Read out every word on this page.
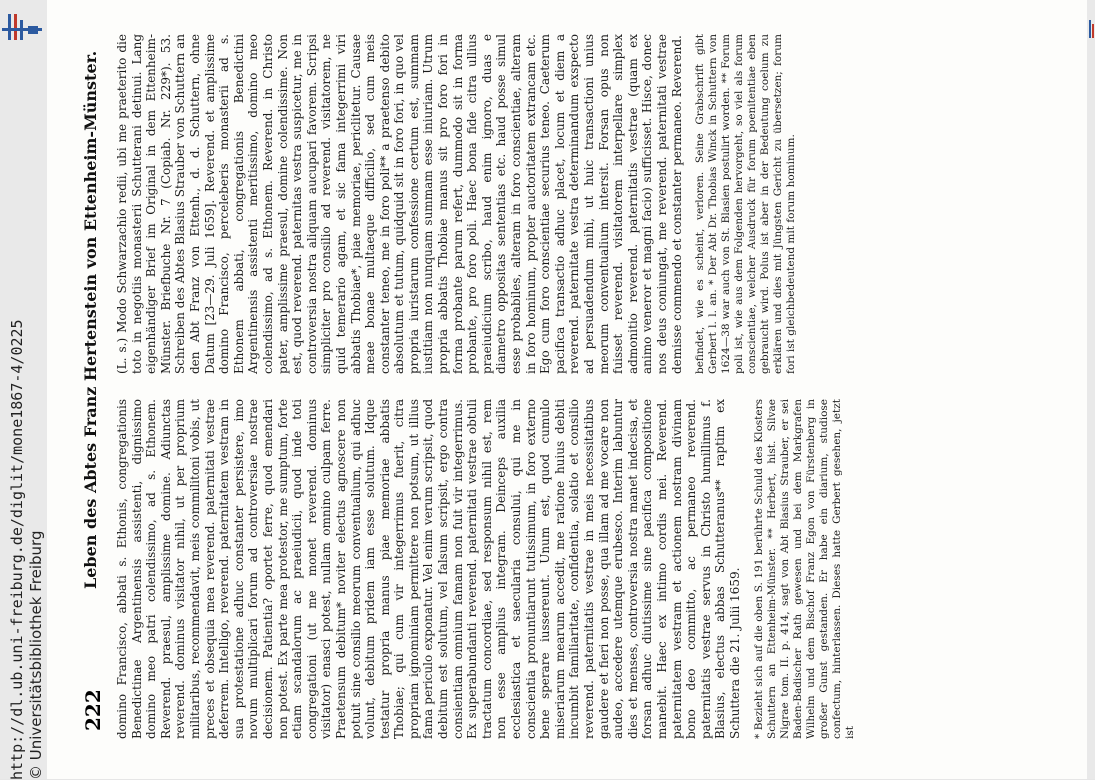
http://dl.ub.uni-freiburg.de/diglit/mone1867-4/0225 © Universitätsbibliothek Freiburg 222
Leben des Abtes Franz Hertenstein von Ettenheim-Münster. domino Francisco, abbati s. Ethonis, congregationis Benedictinae Argentinensis assistenti, dignissimo domino meo patri colendissimo, ad s. Ethonem. Reverend. praesul, amplissime domine. Adiunctas reverend. dominus visitator nihil, ut per proprium militaribus, recommendavit, meis commilitoni vobis, ut preces et obsequia mea reverend. paternitati vestrae deferrem. Intelligo, reverend. paternitatem vestram in sua protestatione adhuc constanter persistere, imo novum multiplicari forum ad controversiae nostrae decisionem. Patientia? oportet ferre, quod emendari non potest. Ex parte mea protestor, me sumptum, forte etiam scandalorum ac praeiudicii, quod inde toti congregationi (ut me monet reverend. dominus visitator) enasci potest, nullam omnino culpam ferre. Praetensum debitum* noviter electus agnoscere non potuit sine consilio meorum conventualium, qui adhuc volunt, debitum pridem iam esse solutum. Idque testatur propria manus piae memoriae abbatis Thobiae; qui cum vir integerrimus fuerit, citra propriam ignominiam permittere non potsum, ut illius fama periculo exponatur. Vel enim verum scripsit, quod debitum est solutum, vel falsum scripsit, ergo contra consientiam omnium famam non fuit vir integerrimus. Ex superabundanti reverend. paternitati vestrae obtuli tractatum concordiae, sed responsum nihil est, rem non esse amplius integram. Deinceps auxilia ecclesiastica et saecularia consului, qui me in conscientia pronuntiarunt tutissimum, in foro externo bene sperare iussereunt. Unum est, quod cumulo miseriarum mearum accedit, me ratione huius debiti incumbit familiaritate, confidentia, solatio et consilio reverend. paternitatis vestrae in meis necessitatibus gaudere et fieri non posse, qua illam ad me vocare non audeo, accedere utemque erubesco. Interim labuntur dies et menses, controversia nostra manet indecisa, et forsan adhuc diutissime sine pacifica compositione manebit. Haec ex intimo cordis mei. Reverend. paternitatem vestram et actionem nostram divinam bono deo committo, ac permaneo reverend. paternitatis vestrae servus in Christo humillimus f. Blasius, electus abbas Schutteranus** raptim ex Schuttera die 21. Julii 1659. * Bezieht sich auf die oben S. 191 berührte Schuld des Klosters Schuttern an Ettenheim-Münster. ** Herbert, hist. Silvae Nigrae tom. II. p. 414, sagt von Abt Blasius Strauber, er sei Baden-Badischer Rath gewesen und bei dem Markgrafen Wilhelm und dem Bischof Franz Egon von Fürstenberg in großer Gunst gestanden. Er habe ein diarium, studiose confectum, hinterlassen. Dieses hatte Gerbert gesehen, jetzt ist

(L. s.) Modo Schwarzachio redii, ubi me praeterito die toto in negotiis monasterii Schutterani detinui. Lang eigenhändiger Brief im Original in dem Ettenheim-Münster. Briefbuche Nr. 7 (Copiab. Nr. 229*). 53. Schreiben des Abtes Blasius Strauber von Schuttern an den Abt Franz von Ettenh., d. d. Schuttern, ohne Datum [23—29. Juli 1659]. Reverend. et amplissime domino Francisco, perceleberis monasterii ad s. Ethonem abbati, congregationis Benedictini Argentinensis assistenti meritissimo, domino meo colendissimo, ad s. Ethonem. Reverend. in Christo pater, amplissime praesul, domine colendissime. Non est, quod reverend. paternitas vestra suspicetur, me in controversia nostra aliquam aucupari favorem. Scripsi simpliciter pro consilio ad reverend. visitatorem, ne quid temerario agam, et sic fama integerrimi viri abbatis Thobiae*, piae memoriae, periclitetur. Causae meae bonae multaeque difficilio, sed cum meis constanter teneo, me in foro poli** a praetenso debito absolutum et tutum, quidquid sit in foro fori, in quo vel propria iuristarum confessione certum est, summam iustitiam non nunquam summam esse iniuriam. Utrum propria abbatis Thobiae manus sit pro foro fori in forma probante parum refert, dummodo sit in forma probante, pro foro poli. Haec bona fide citra ullius praeiudicium scribo, haud enim ignoro, duas e diametro oppositas sententias etc. haud posse simul esse probabiles, alteram in foro conscientiae, alteram in foro hominum, propter auctoritatem extrancam etc. Ego cum foro conscientiae securius teneo. Caeterum pacifica transactio adhuc placet, locum et diem a reverend. paternitate vestra determinandum exspecto ad persuadendum mihi, ut huic transactioni unius meorum conventualium intersit. Forsan opus non fuisset reverend. visitatorem interpellare simplex admonitio reverend. paternitatis vestrae (quam ex animo veneror et magni facio) sufficisset. Hisce, donec nos deus coniungat, me reverend. paternitati vestrae demisse commendo et constanter permaneo. Reverend. befindet, wie es scheint, verloren. Seine Grabschrift gibt Gerbert l. l. an. * Der Abt Dr. Thobias Winck in Schuttern von 1624—38 war auch von St. Blasien postulirt worden. ** Forum poli ist, wie aus dem Folgenden hervorgeht, so viel als forum conscientiae, welcher Ausdruck für forum poenitentiae eben gebraucht wird. Polus ist aber in der Bedeutung coelum zu erklären und dies mit Jüngsten Gericht zu übersetzen; forum fori ist gleichbedeutend mit forum hominum.
